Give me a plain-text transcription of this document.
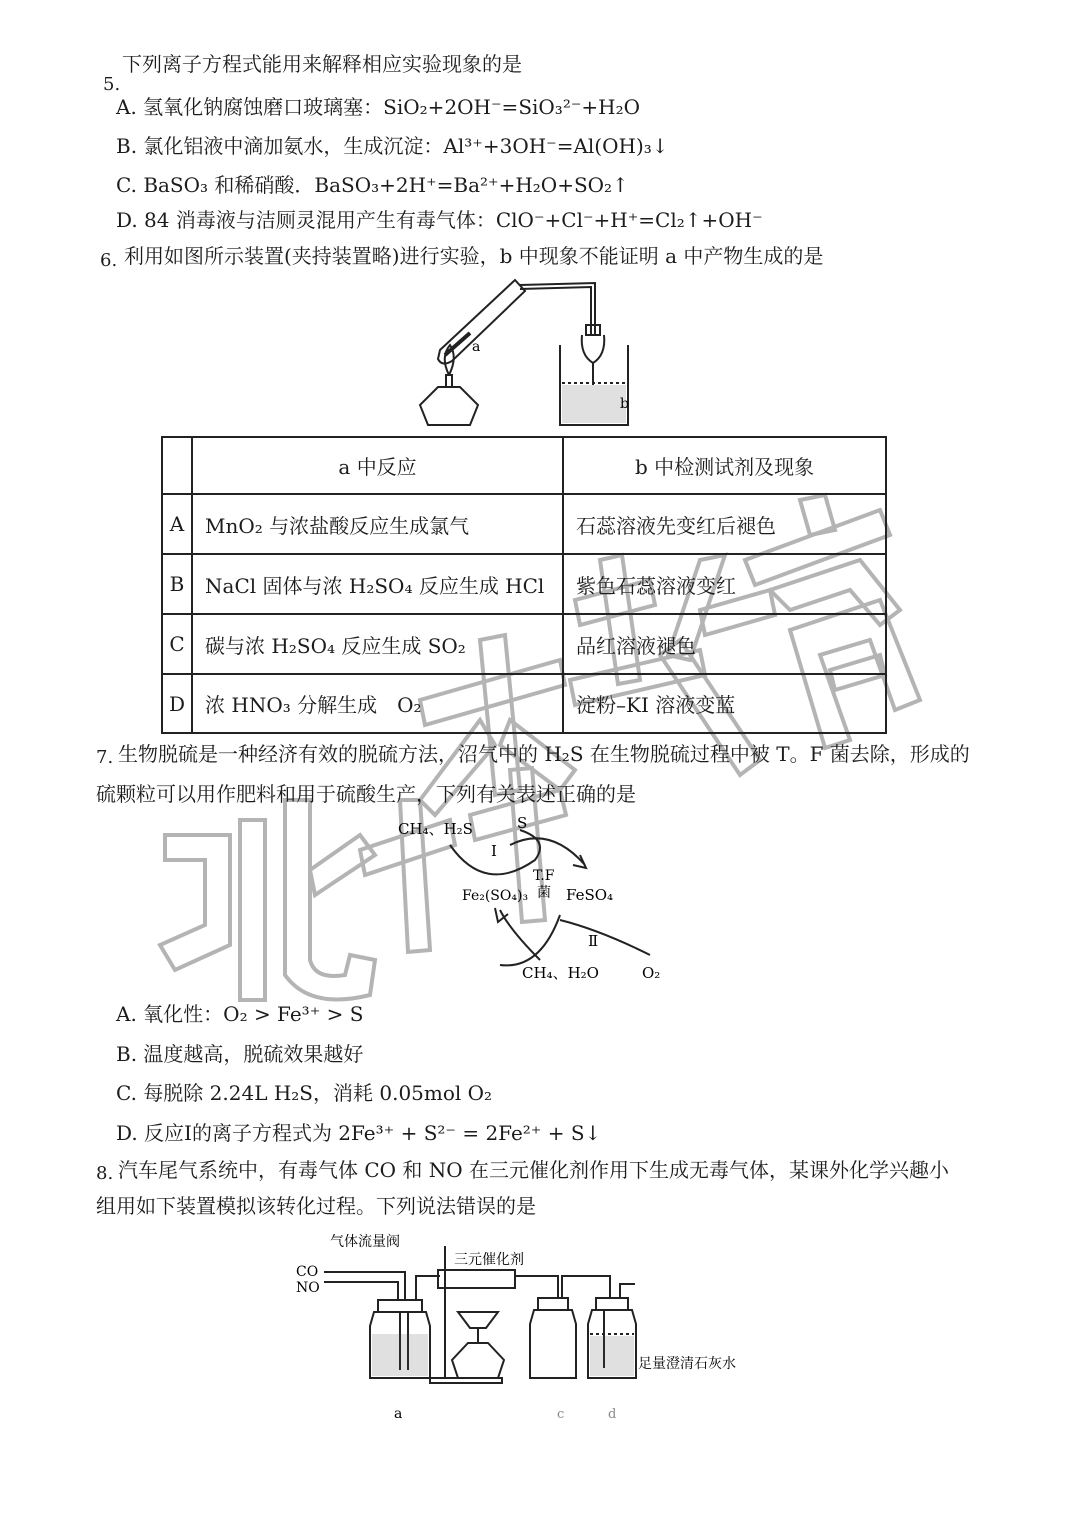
5.
下列离子方程式能用来解释相应实验现象的是
A. 氢氧化钠腐蚀磨口玻璃塞：SiO₂+2OH⁻=SiO₃²⁻+H₂O
B. 氯化铝液中滴加氨水，生成沉淀：Al³⁺+3OH⁻=Al(OH)₃↓
C. BaSO₃ 和稀硝酸．BaSO₃+2H⁺=Ba²⁺+H₂O+SO₂↑
D. 84 消毒液与洁厕灵混用产生有毒气体：ClO⁻+Cl⁻+H⁺=Cl₂↑+OH⁻
6. 利用如图所示装置(夹持装置略)进行实验，b 中现象不能证明 a 中产物生成的是
a
b
	a 中反应	b 中检测试剂及现象
A	MnO₂ 与浓盐酸反应生成氯气	石蕊溶液先变红后褪色
B	NaCl 固体与浓 H₂SO₄ 反应生成 HCl	紫色石蕊溶液变红
C	碳与浓 H₂SO₄ 反应生成 SO₂	品红溶液褪色
D	浓 HNO₃ 分解生成　O₂	淀粉–KI 溶液变蓝
7. 生物脱硫是一种经济有效的脱硫方法，沼气中的 H₂S 在生物脱硫过程中被 T。F 菌去除，形成的
硫颗粒可以用作肥料和用于硫酸生产，下列有关表述正确的是
CH₄、H₂S	S
I
T.F
菌
Fe₂(SO₄)₃	FeSO₄
Ⅱ
CH₄、H₂O	O₂
A. 氧化性：O₂ > Fe³⁺ > S
B. 温度越高，脱硫效果越好
C. 每脱除 2.24L H₂S，消耗 0.05mol O₂
D. 反应Ⅰ的离子方程式为 2Fe³⁺ + S²⁻ = 2Fe²⁺ + S↓
8. 汽车尾气系统中，有毒气体 CO 和 NO 在三元催化剂作用下生成无毒气体，某课外化学兴趣小
组用如下装置模拟该转化过程。下列说法错误的是
气体流量阀
CO
NO
三元催化剂
足量澄清石灰水
a	c	d
